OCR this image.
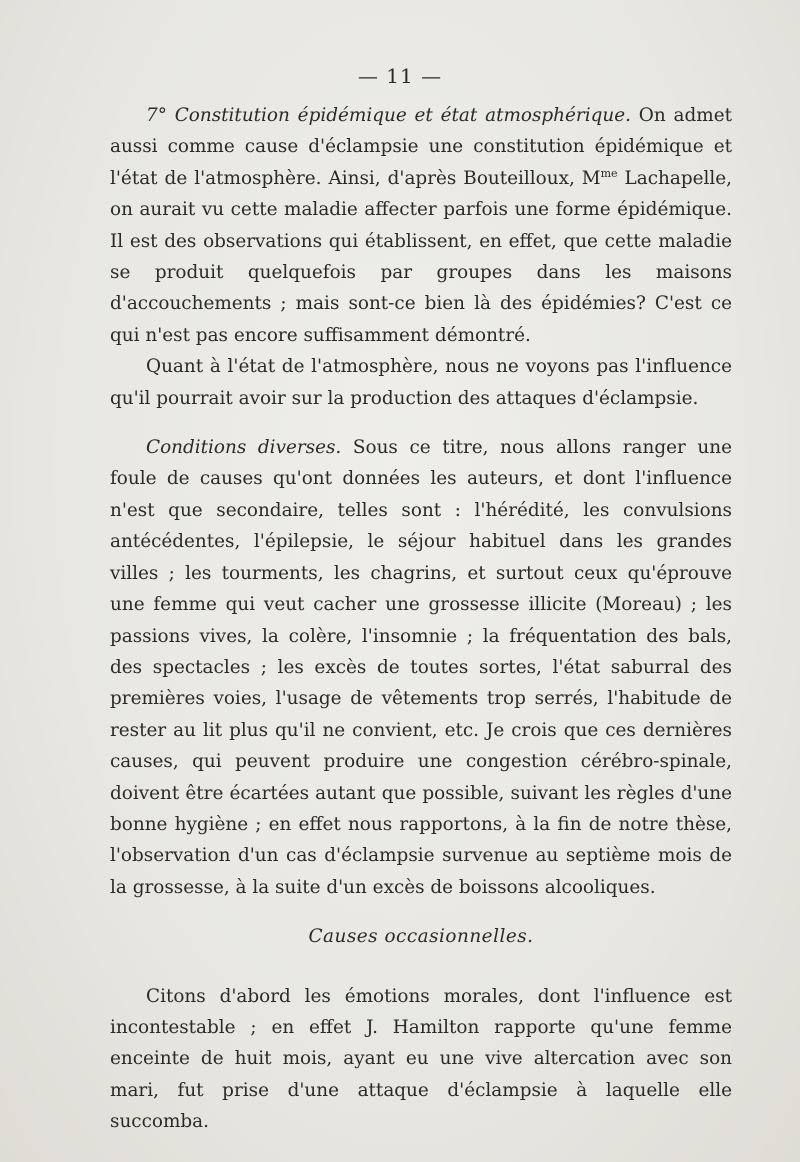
— 11 —

7° Constitution épidémique et état atmosphérique. On admet aussi comme cause d'éclampsie une constitution épidémique et l'état de l'atmosphère. Ainsi, d'après Bouteilloux, $M^{me}$ Lachapelle, on aurait vu cette maladie affecter parfois une forme épidémique. Il est des observations qui établissent, en effet, que cette maladie se produit quelquefois par groupes dans les maisons d'accouchements ; mais sont-ce bien là des épidémies? C'est ce qui n'est pas encore suffisamment démontré.

Quant à l'état de l'atmosphère, nous ne voyons pas l'influence qu'il pourrait avoir sur la production des attaques d'éclampsie.

Conditions diverses. Sous ce titre, nous allons ranger une foule de causes qu'ont données les auteurs, et dont l'influence n'est que secondaire, telles sont : l'hérédité, les convulsions antécédentes, l'épilepsie, le séjour habituel dans les grandes villes ; les tourments, les chagrins, et surtout ceux qu'éprouve une femme qui veut cacher une grossesse illicite (Moreau) ; les passions vives, la colère, l'insomnie ; la fréquentation des bals, des spectacles ; les excès de toutes sortes, l'état saburral des premières voies, l'usage de vêtements trop serrés, l'habitude de rester au lit plus qu'il ne convient, etc. Je crois que ces dernières causes, qui peuvent produire une congestion cérébro-spinale, doivent être écartées autant que possible, suivant les règles d'une bonne hygiène ; en effet nous rapportons, à la fin de notre thèse, l'observation d'un cas d'éclampsie survenue au septième mois de la grossesse, à la suite d'un excès de boissons alcooliques.

Causes occasionnelles.

Citons d'abord les émotions morales, dont l'influence est incontestable ; en effet J. Hamilton rapporte qu'une femme enceinte de huit mois, ayant eu une vive altercation avec son mari, fut prise d'une attaque d'éclampsie à laquelle elle succomba.
